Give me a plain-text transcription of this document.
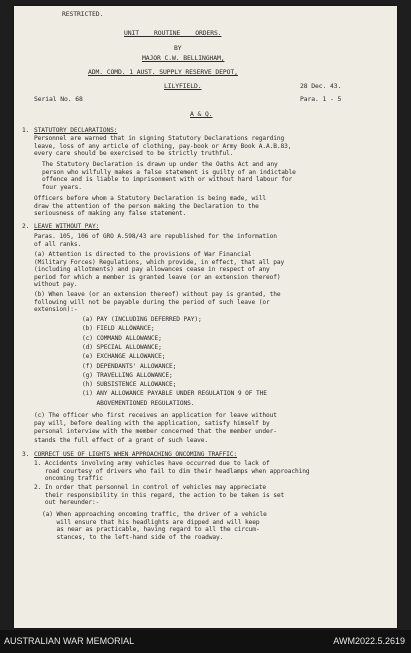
RESTRICTED.
UNIT    ROUTINE    ORDERS.
BY
MAJOR C.W. BELLINGHAM,
ADM. COMD. 1 AUST. SUPPLY RESERVE DEPOT,
LILYFIELD.	28 Dec. 43.
Serial No. 68	Para. 1 - 5
A & Q.
1. STATUTORY DECLARATIONS:
Personnel are warned that in signing Statutory Declarations regarding
leave, loss of any article of clothing, pay-book or Army Book A.A.B.83,
every care should be exercised to be strictly truthful.
The Statutory Declaration is drawn up under the Oaths Act and any
person who wilfully makes a false statement is guilty of an indictable
offence and is liable to imprisonment with or without hard labour for
four years.
Officers before whom a Statutory Declaration is being made, will
draw the attention of the person making the Declaration to the
seriousness of making any false statement.
2. LEAVE WITHOUT PAY:
Paras. 105, 106 of GRO A.598/43 are republished for the information
of all ranks.
(a) Attention is directed to the provisions of War Financial
(Military Forces) Regulations, which provide, in effect, that all pay
(including allotments) and pay allowances cease in respect of any
period for which a member is granted leave (or an extension thereof)
without pay.
(b) When leave (or an extension thereof) without pay is granted, the
following will not be payable during the period of such leave (or
extension):-
(a) PAY (INCLUDING DEFERRED PAY);
(b) FIELD ALLOWANCE;
(c) COMMAND ALLOWANCE;
(d) SPECIAL ALLOWANCE;
(e) EXCHANGE ALLOWANCE;
(f) DEPENDANTS' ALLOWANCE;
(g) TRAVELLING ALLOWANCE;
(h) SUBSISTENCE ALLOWANCE;
(i) ANY ALLOWANCE PAYABLE UNDER REGULATION 9 OF THE
ABOVEMENTIONED REGULATIONS.
(c) The officer who first receives an application for leave without
pay will, before dealing with the application, satisfy himself by
personal interview with the member concerned that the member under-
stands the full effect of a grant of such leave.
3. CORRECT USE OF LIGHTS WHEN APPROACHING ONCOMING TRAFFIC:
1. Accidents involving army vehicles have occurred due to lack of
road courtesy of drivers who fail to dim their headlamps when approaching
oncoming traffic
2. In order that personnel in control of vehicles may appreciate
their responsibility in this regard, the action to be taken is set
out hereunder:-
(a) When approaching oncoming traffic, the driver of a vehicle
will ensure that his headlights are dipped and will keep
as near as practicable, having regard to all the circum-
stances, to the left-hand side of the roadway.
AUSTRALIAN WAR MEMORIAL	AWM2022.5.2619
